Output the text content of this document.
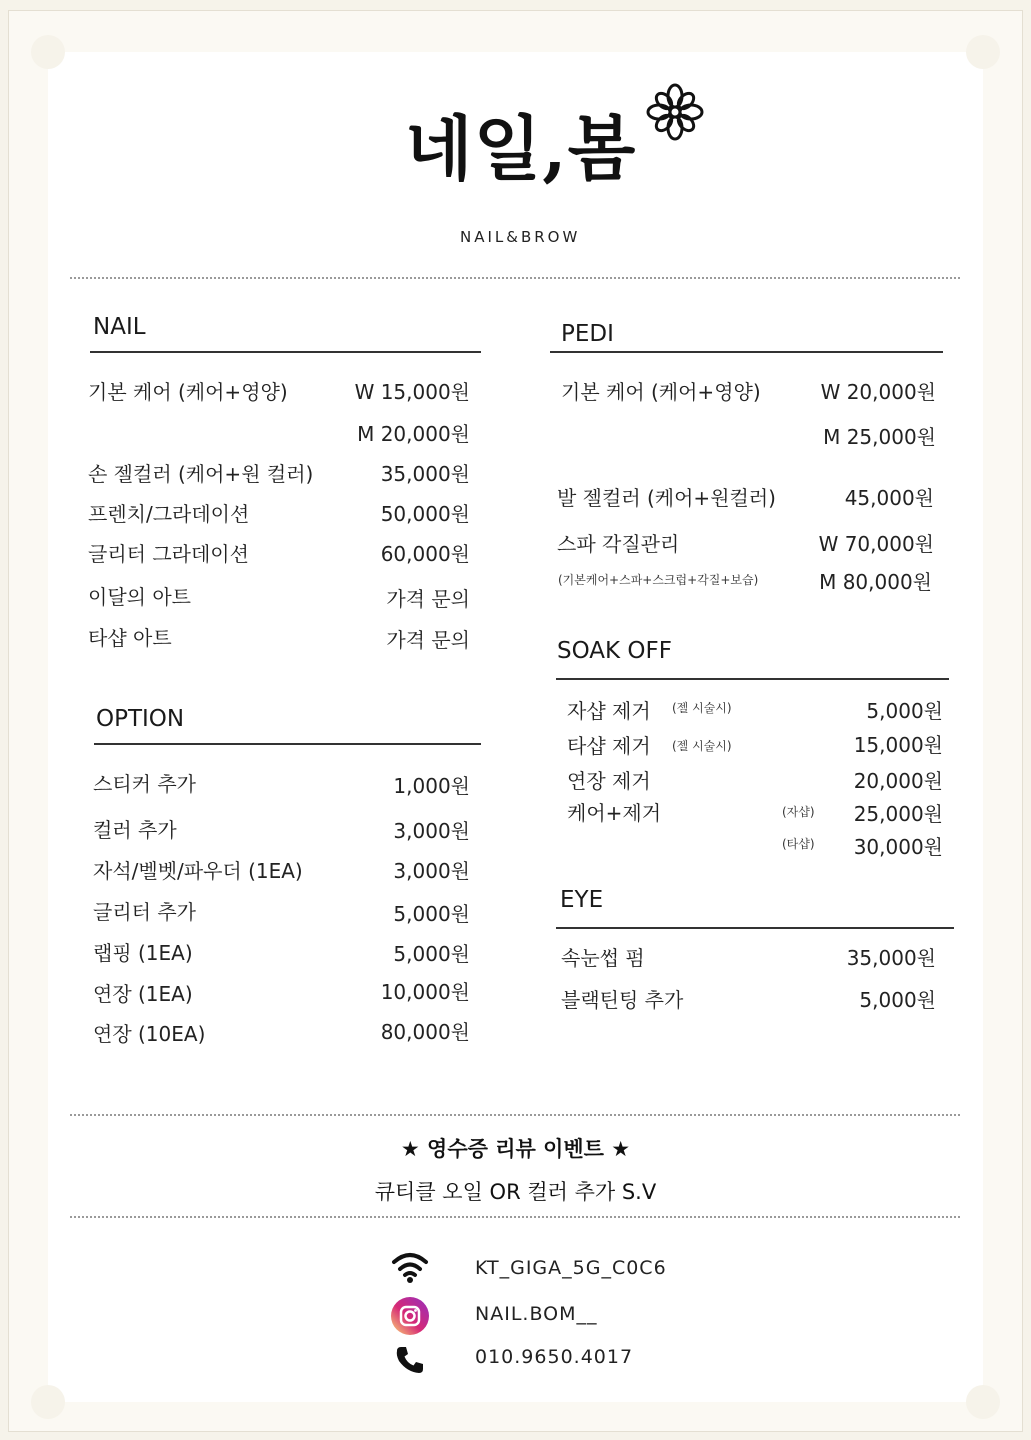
네일,봄
NAIL&BROW
NAIL
기본 케어 (케어+영양)	W 15,000원
M 20,000원
손 젤컬러 (케어+원 컬러)	35,000원
프렌치/그라데이션	50,000원
글리터 그라데이션	60,000원
이달의 아트	가격 문의
타샵 아트	가격 문의
OPTION
스티커 추가	1,000원
컬러 추가	3,000원
자석/벨벳/파우더 (1EA)	3,000원
글리터 추가	5,000원
랩핑 (1EA)	5,000원
연장 (1EA)	10,000원
연장 (10EA)	80,000원
PEDI
기본 케어 (케어+영양)	W 20,000원
M 25,000원
발 젤컬러 (케어+원컬러)	45,000원
스파 각질관리	W 70,000원
(기본케어+스파+스크럽+각질+보습)	M 80,000원
SOAK OFF
자샵 제거 (젤 시술시)	5,000원
타샵 제거 (젤 시술시)	15,000원
연장 제거	20,000원
케어+제거	(자샵) 25,000원
(타샵) 30,000원
EYE
속눈썹 펌	35,000원
블랙틴팅 추가	5,000원
★ 영수증 리뷰 이벤트 ★
큐티클 오일 OR 컬러 추가 S.V
KT_GIGA_5G_C0C6
NAIL.BOM__
010.9650.4017
